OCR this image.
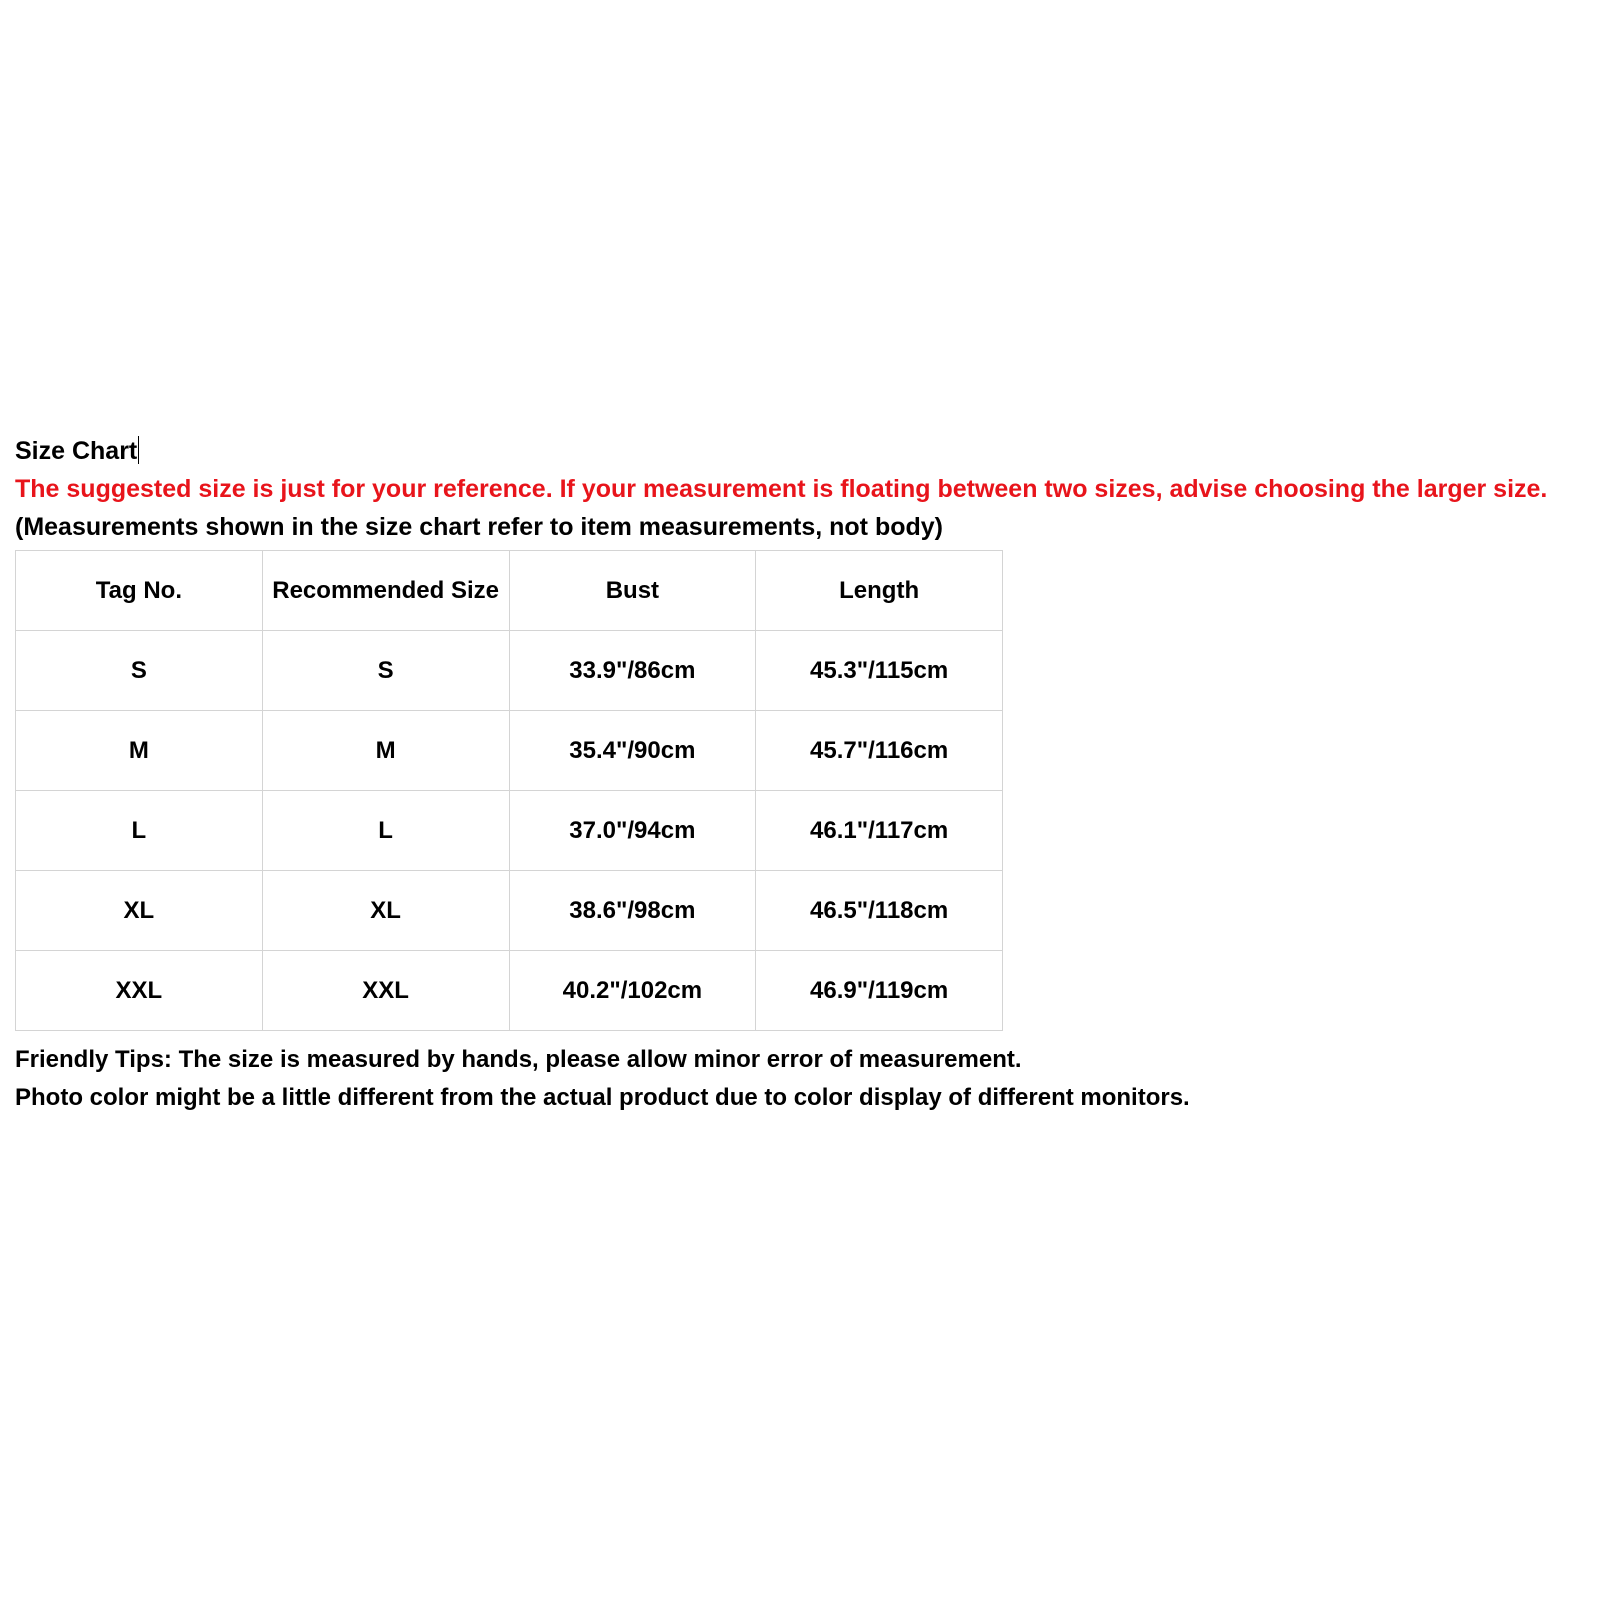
Size Chart
The suggested size is just for your reference. If your measurement is floating between two sizes, advise choosing the larger size.
(Measurements shown in the size chart refer to item measurements, not body)
Tag No.	Recommended Size	Bust	Length
S	S	33.9"/86cm	45.3"/115cm
M	M	35.4"/90cm	45.7"/116cm
L	L	37.0"/94cm	46.1"/117cm
XL	XL	38.6"/98cm	46.5"/118cm
XXL	XXL	40.2"/102cm	46.9"/119cm
Friendly Tips: The size is measured by hands, please allow minor error of measurement.
Photo color might be a little different from the actual product due to color display of different monitors.
